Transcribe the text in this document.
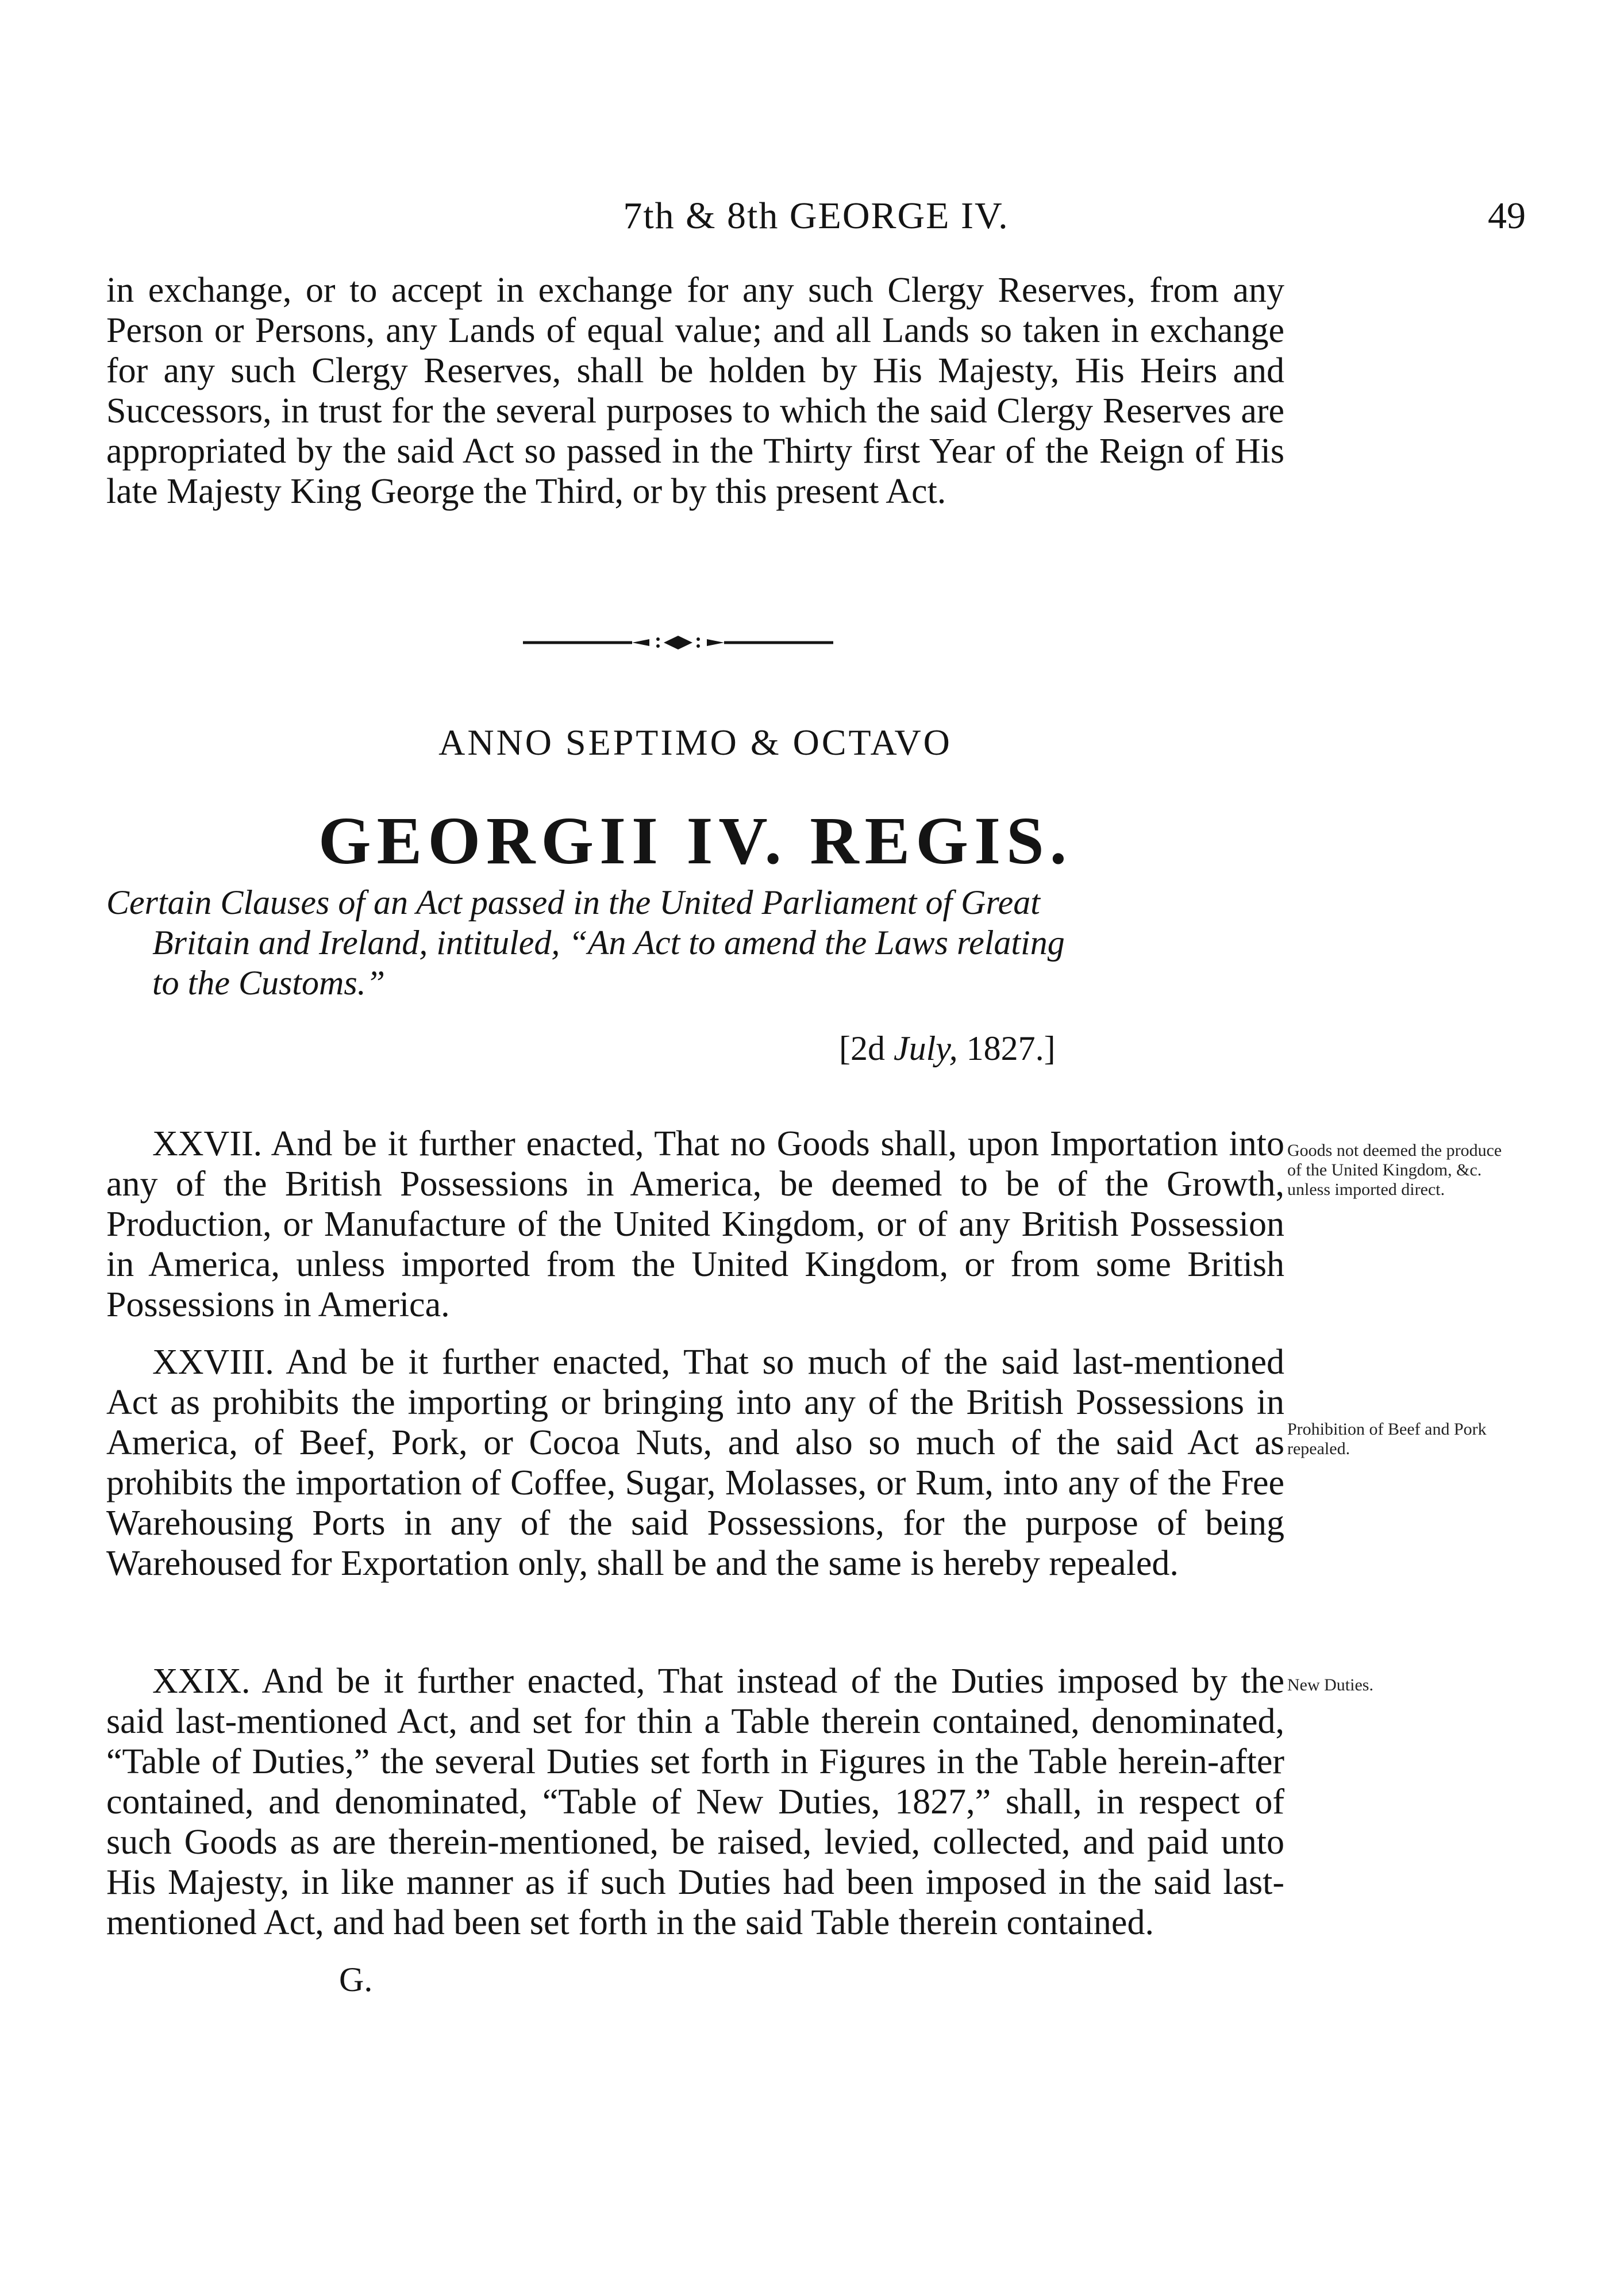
7th & 8th GEORGE IV.	49

in exchange, or to accept in exchange for any such Clergy Reserves, from any Person or Persons, any Lands of equal value; and all Lands so taken in exchange for any such Clergy Reserves, shall be holden by His Majesty, His Heirs and Successors, in trust for the several purposes to which the said Clergy Reserves are appropriated by the said Act so passed in the Thirty first Year of the Reign of His late Majesty King George the Third, or by this present Act.

ANNO SEPTIMO & OCTAVO
GEORGII IV. REGIS.
Certain Clauses of an Act passed in the United Parliament of Great
Britain and Ireland, intituled, “An Act to amend the Laws relating
to the Customs.”
[2d July, 1827.]

XXVII. And be it further enacted, That no Goods shall, upon Importation into any of the British Possessions in America, be deemed to be of the Growth, Production, or Manufacture of the United Kingdom, or of any British Possession in America, unless imported from the United Kingdom, or from some British Possessions in America.

Goods not deemed the produce of the United Kingdom, &c. unless imported direct.

XXVIII. And be it further enacted, That so much of the said last-mentioned Act as prohibits the importing or bringing into any of the British Possessions in America, of Beef, Pork, or Cocoa Nuts, and also so much of the said Act as prohibits the importation of Coffee, Sugar, Molasses, or Rum, into any of the Free Warehousing Ports in any of the said Possessions, for the purpose of being Warehoused for Exportation only, shall be and the same is hereby repealed.

Prohibition of Beef and Pork repealed.

XXIX. And be it further enacted, That instead of the Duties imposed by the said last-mentioned Act, and set for thin a Table therein contained, denominated, “Table of Duties,” the several Duties set forth in Figures in the Table herein-after contained, and denominated, “Table of New Duties, 1827,” shall, in respect of such Goods as are therein-mentioned, be raised, levied, collected, and paid unto His Majesty, in like manner as if such Duties had been imposed in the said last-mentioned Act, and had been set forth in the said Table therein contained.

New Duties.
G.
